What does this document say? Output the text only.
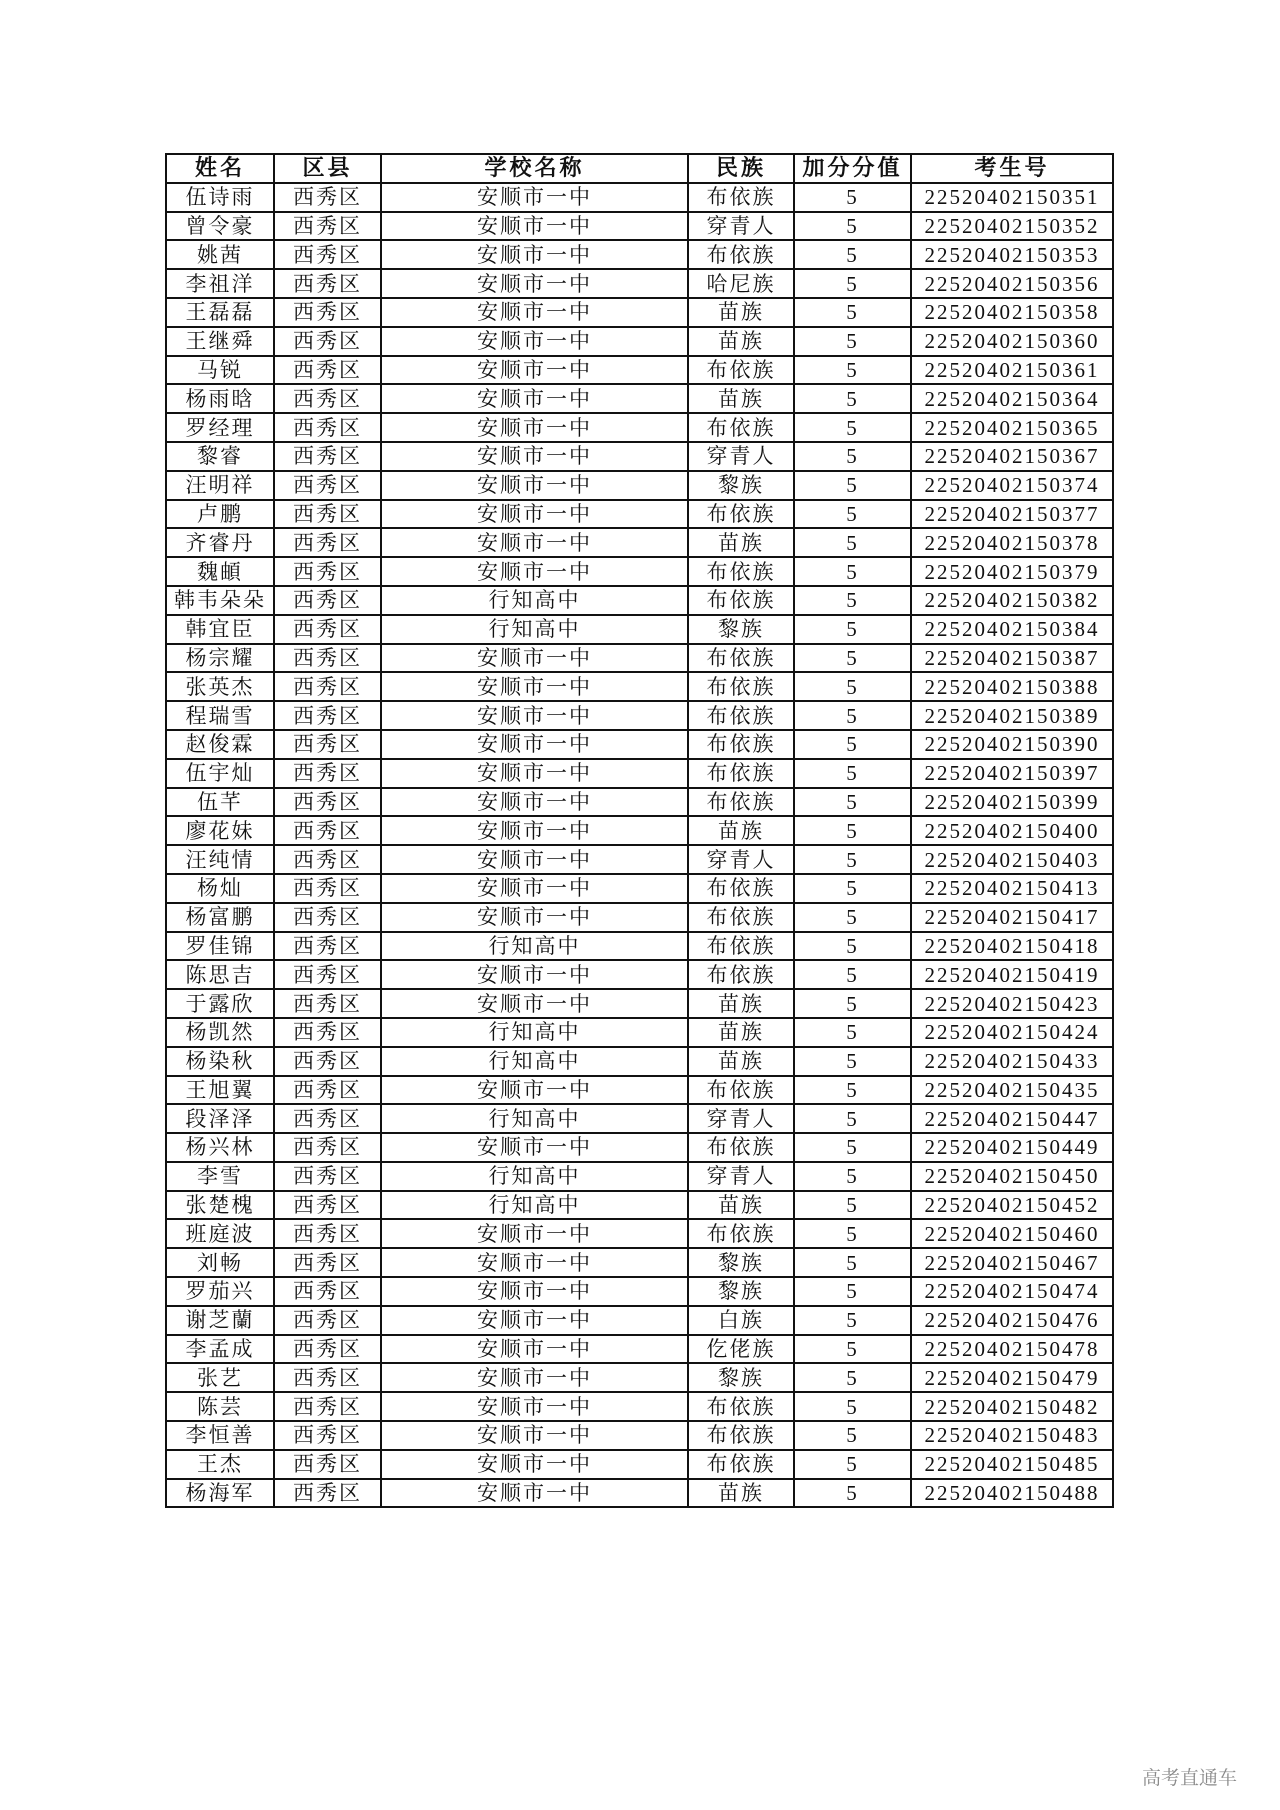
姓名	区县	学校名称	民族	加分分值	考生号
伍诗雨	西秀区	安顺市一中	布依族	5	22520402150351
曾令豪	西秀区	安顺市一中	穿青人	5	22520402150352
姚茜	西秀区	安顺市一中	布依族	5	22520402150353
李祖洋	西秀区	安顺市一中	哈尼族	5	22520402150356
王磊磊	西秀区	安顺市一中	苗族	5	22520402150358
王继舜	西秀区	安顺市一中	苗族	5	22520402150360
马锐	西秀区	安顺市一中	布依族	5	22520402150361
杨雨晗	西秀区	安顺市一中	苗族	5	22520402150364
罗经理	西秀区	安顺市一中	布依族	5	22520402150365
黎睿	西秀区	安顺市一中	穿青人	5	22520402150367
汪明祥	西秀区	安顺市一中	黎族	5	22520402150374
卢鹏	西秀区	安顺市一中	布依族	5	22520402150377
齐睿丹	西秀区	安顺市一中	苗族	5	22520402150378
魏頔	西秀区	安顺市一中	布依族	5	22520402150379
韩韦朵朵	西秀区	行知高中	布依族	5	22520402150382
韩宜臣	西秀区	行知高中	黎族	5	22520402150384
杨宗耀	西秀区	安顺市一中	布依族	5	22520402150387
张英杰	西秀区	安顺市一中	布依族	5	22520402150388
程瑞雪	西秀区	安顺市一中	布依族	5	22520402150389
赵俊霖	西秀区	安顺市一中	布依族	5	22520402150390
伍宇灿	西秀区	安顺市一中	布依族	5	22520402150397
伍芊	西秀区	安顺市一中	布依族	5	22520402150399
廖花妹	西秀区	安顺市一中	苗族	5	22520402150400
汪纯情	西秀区	安顺市一中	穿青人	5	22520402150403
杨灿	西秀区	安顺市一中	布依族	5	22520402150413
杨富鹏	西秀区	安顺市一中	布依族	5	22520402150417
罗佳锦	西秀区	行知高中	布依族	5	22520402150418
陈思吉	西秀区	安顺市一中	布依族	5	22520402150419
于露欣	西秀区	安顺市一中	苗族	5	22520402150423
杨凯然	西秀区	行知高中	苗族	5	22520402150424
杨染秋	西秀区	行知高中	苗族	5	22520402150433
王旭翼	西秀区	安顺市一中	布依族	5	22520402150435
段泽泽	西秀区	行知高中	穿青人	5	22520402150447
杨兴林	西秀区	安顺市一中	布依族	5	22520402150449
李雪	西秀区	行知高中	穿青人	5	22520402150450
张楚槐	西秀区	行知高中	苗族	5	22520402150452
班庭波	西秀区	安顺市一中	布依族	5	22520402150460
刘畅	西秀区	安顺市一中	黎族	5	22520402150467
罗茄兴	西秀区	安顺市一中	黎族	5	22520402150474
谢芝蘭	西秀区	安顺市一中	白族	5	22520402150476
李孟成	西秀区	安顺市一中	仡佬族	5	22520402150478
张艺	西秀区	安顺市一中	黎族	5	22520402150479
陈芸	西秀区	安顺市一中	布依族	5	22520402150482
李恒善	西秀区	安顺市一中	布依族	5	22520402150483
王杰	西秀区	安顺市一中	布依族	5	22520402150485
杨海军	西秀区	安顺市一中	苗族	5	22520402150488
高考直通车
